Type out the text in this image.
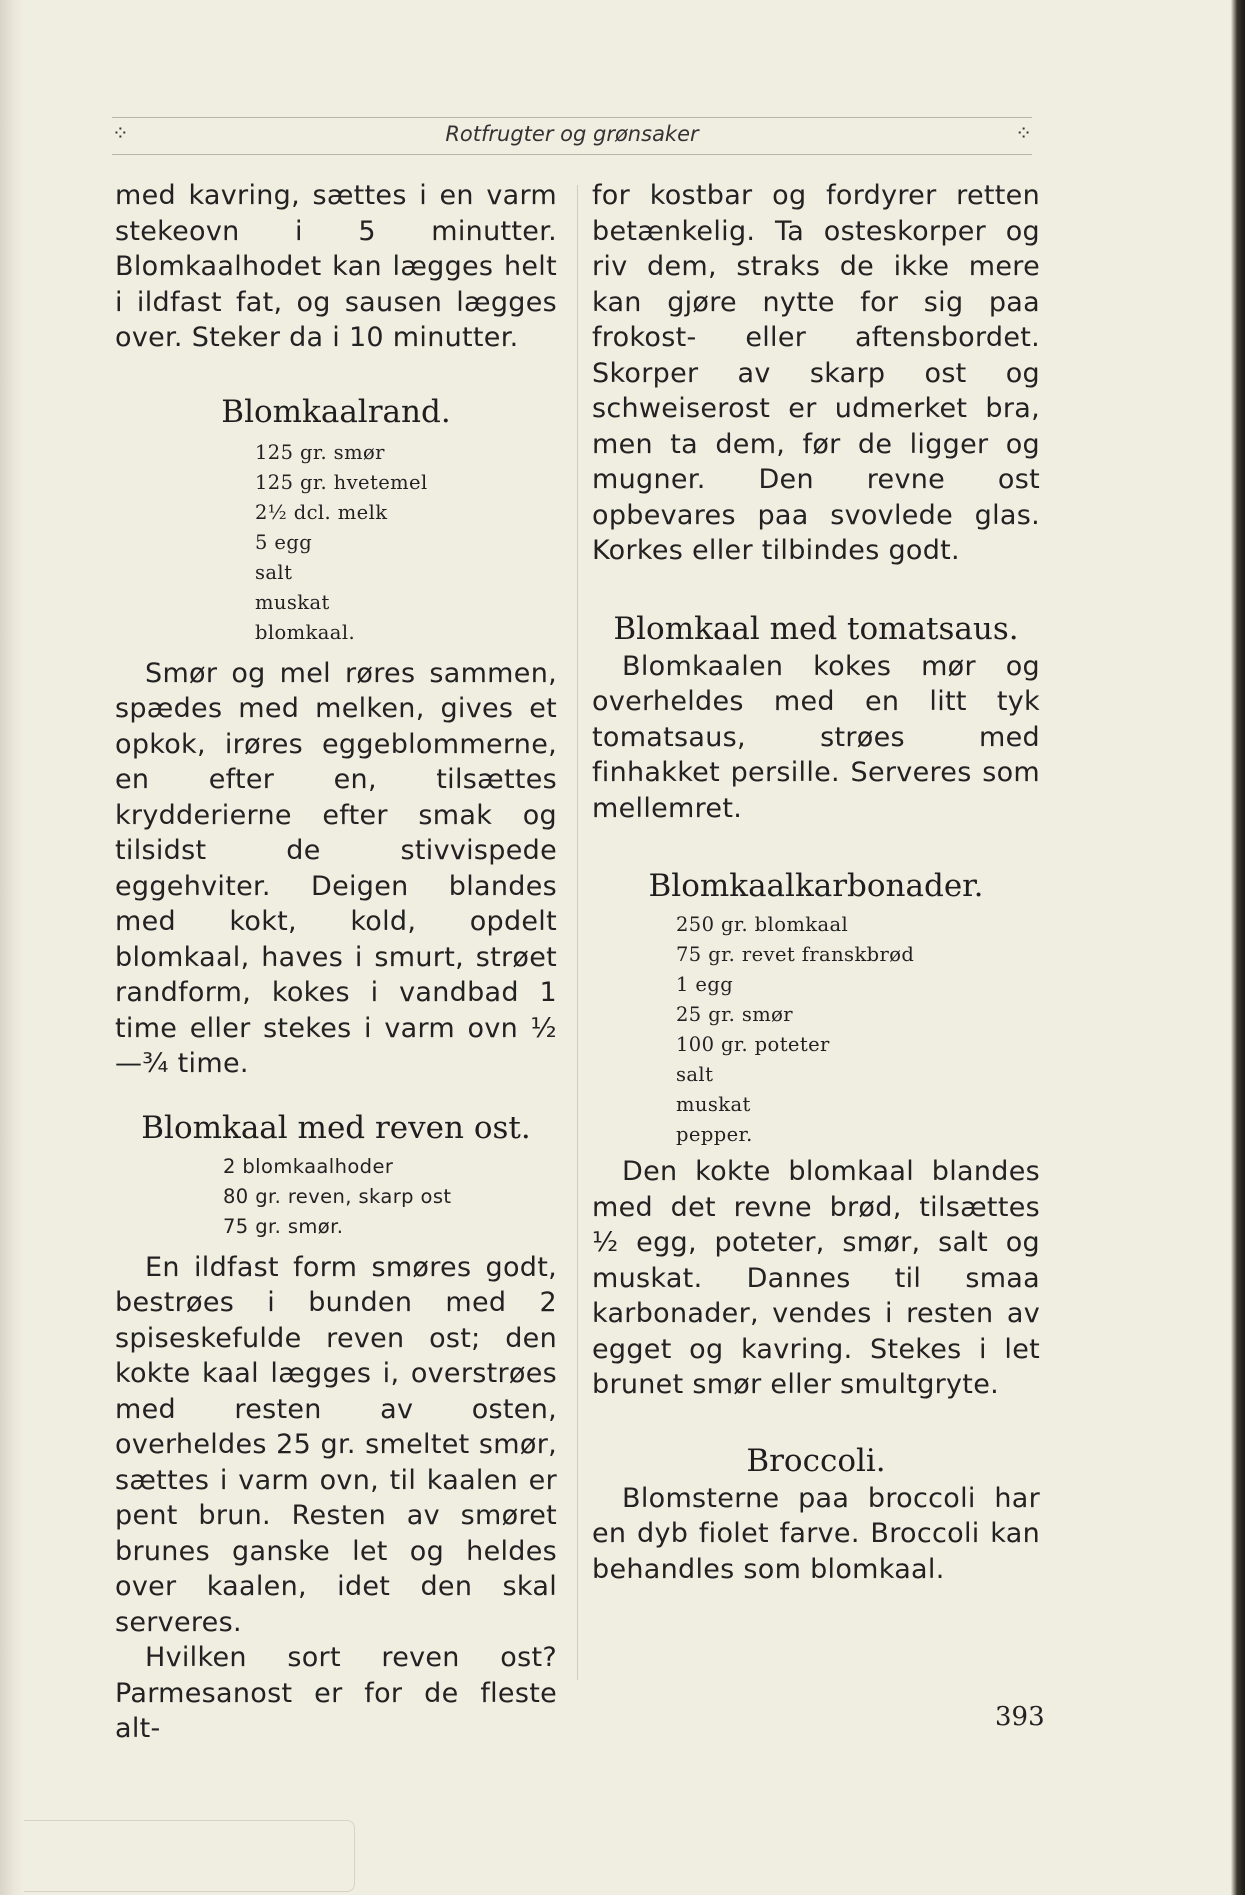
⁘	Rotfrugter og grønsaker	⁘

med kavring, sættes i en varm stekeovn i 5 minutter. Blomkaalhodet kan lægges helt i ildfast fat, og sausen lægges over. Steker da i 10 minutter.

Blomkaalrand.
125 gr. smør
125 gr. hvetemel
2½ dcl. melk
5 egg
salt
muskat
blomkaal.

Smør og mel røres sammen, spædes med melken, gives et opkok, irøres eggeblommerne, en efter en, tilsættes krydderierne efter smak og tilsidst de stivvispede eggehviter. Deigen blandes med kokt, kold, opdelt blomkaal, haves i smurt, strøet randform, kokes i vandbad 1 time eller stekes i varm ovn ½—¾ time.

Blomkaal med reven ost.
2 blomkaalhoder
80 gr. reven, skarp ost
75 gr. smør.

En ildfast form smøres godt, bestrøes i bunden med 2 spiseskefulde reven ost; den kokte kaal lægges i, overstrøes med resten av osten, overheldes 25 gr. smeltet smør, sættes i varm ovn, til kaalen er pent brun. Resten av smøret brunes ganske let og heldes over kaalen, idet den skal serveres.

Hvilken sort reven ost? Parmesanost er for de fleste alt-

for kostbar og fordyrer retten betænkelig. Ta osteskorper og riv dem, straks de ikke mere kan gjøre nytte for sig paa frokost- eller aftensbordet. Skorper av skarp ost og schweiserost er udmerket bra, men ta dem, før de ligger og mugner. Den revne ost opbevares paa svovlede glas. Korkes eller tilbindes godt.

Blomkaal med tomatsaus.

Blomkaalen kokes mør og overheldes med en litt tyk tomatsaus, strøes med finhakket persille. Serveres som mellemret.

Blomkaalkarbonader.
250 gr. blomkaal
75 gr. revet franskbrød
1 egg
25 gr. smør
100 gr. poteter
salt
muskat
pepper.

Den kokte blomkaal blandes med det revne brød, tilsættes ½ egg, poteter, smør, salt og muskat. Dannes til smaa karbonader, vendes i resten av egget og kavring. Stekes i let brunet smør eller smultgryte.

Broccoli.

Blomsterne paa broccoli har en dyb fiolet farve. Broccoli kan behandles som blomkaal.

393
